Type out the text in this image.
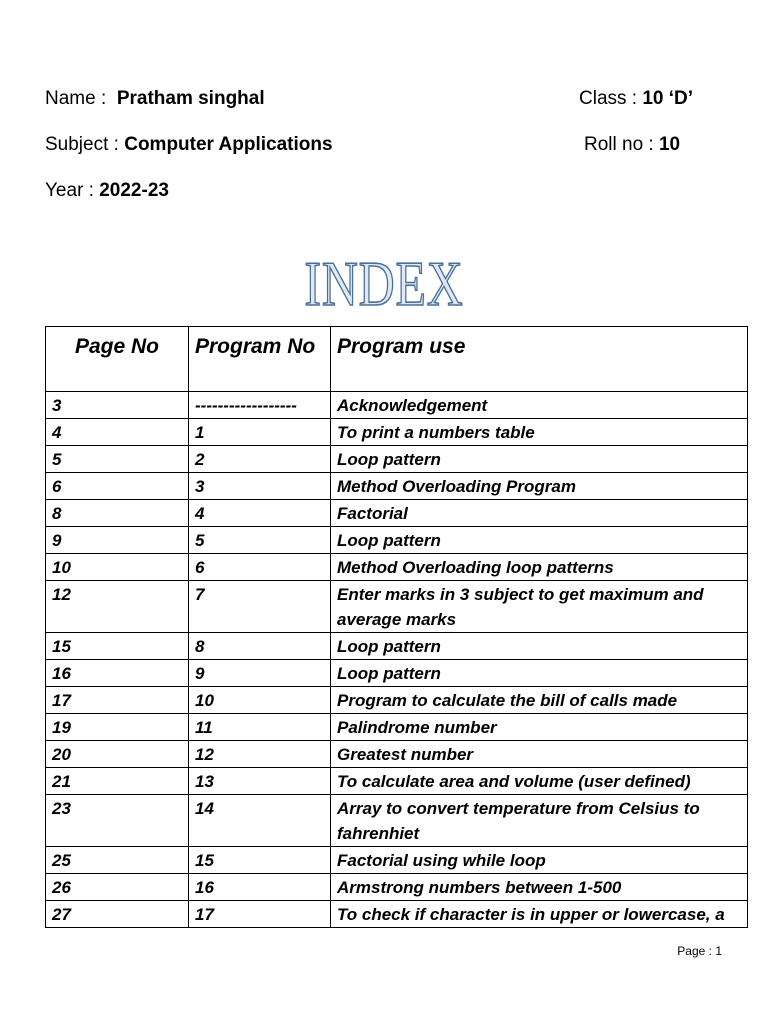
Name : Pratham singhal	Class : 10 ‘D’
Subject : Computer Applications	Roll no : 10
Year : 2022-23
INDEX
Page No	Program No	Program use
3	------------------	Acknowledgement
4	1	To print a numbers table
5	2	Loop pattern
6	3	Method Overloading Program
8	4	Factorial
9	5	Loop pattern
10	6	Method Overloading loop patterns
12	7	Enter marks in 3 subject to get maximum and average marks
15	8	Loop pattern
16	9	Loop pattern
17	10	Program to calculate the bill of calls made
19	11	Palindrome number
20	12	Greatest number
21	13	To calculate area and volume (user defined)
23	14	Array to convert temperature from Celsius to fahrenhiet
25	15	Factorial using while loop
26	16	Armstrong numbers between 1-500
27	17	To check if character is in upper or lowercase, a
Page : 1
